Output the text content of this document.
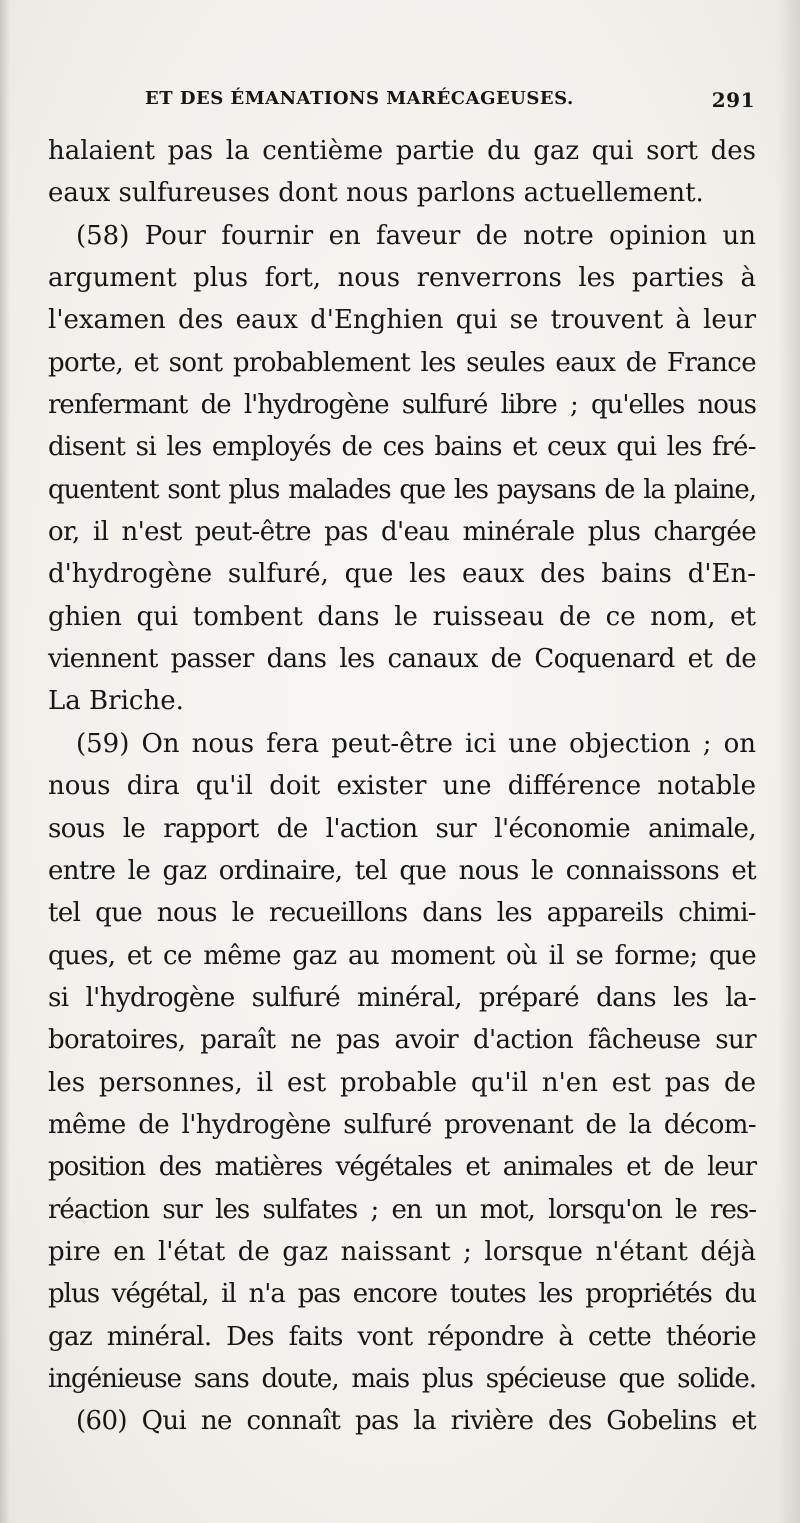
ET DES ÉMANATIONS MARÉCAGEUSES.	291
halaient pas la centième partie du gaz qui sort des
eaux sulfureuses dont nous parlons actuellement.
(58) Pour fournir en faveur de notre opinion un
argument plus fort, nous renverrons les parties à
l'examen des eaux d'Enghien qui se trouvent à leur
porte, et sont probablement les seules eaux de France
renfermant de l'hydrogène sulfuré libre ; qu'elles nous
disent si les employés de ces bains et ceux qui les fré-
quentent sont plus malades que les paysans de la plaine,
or, il n'est peut-être pas d'eau minérale plus chargée
d'hydrogène sulfuré, que les eaux des bains d'En-
ghien qui tombent dans le ruisseau de ce nom, et
viennent passer dans les canaux de Coquenard et de
La Briche.
(59) On nous fera peut-être ici une objection ; on
nous dira qu'il doit exister une différence notable
sous le rapport de l'action sur l'économie animale,
entre le gaz ordinaire, tel que nous le connaissons et
tel que nous le recueillons dans les appareils chimi-
ques, et ce même gaz au moment où il se forme; que
si l'hydrogène sulfuré minéral, préparé dans les la-
boratoires, paraît ne pas avoir d'action fâcheuse sur
les personnes, il est probable qu'il n'en est pas de
même de l'hydrogène sulfuré provenant de la décom-
position des matières végétales et animales et de leur
réaction sur les sulfates ; en un mot, lorsqu'on le res-
pire en l'état de gaz naissant ; lorsque n'étant déjà
plus végétal, il n'a pas encore toutes les propriétés du
gaz minéral. Des faits vont répondre à cette théorie
ingénieuse sans doute, mais plus spécieuse que solide.
(60) Qui ne connaît pas la rivière des Gobelins et
